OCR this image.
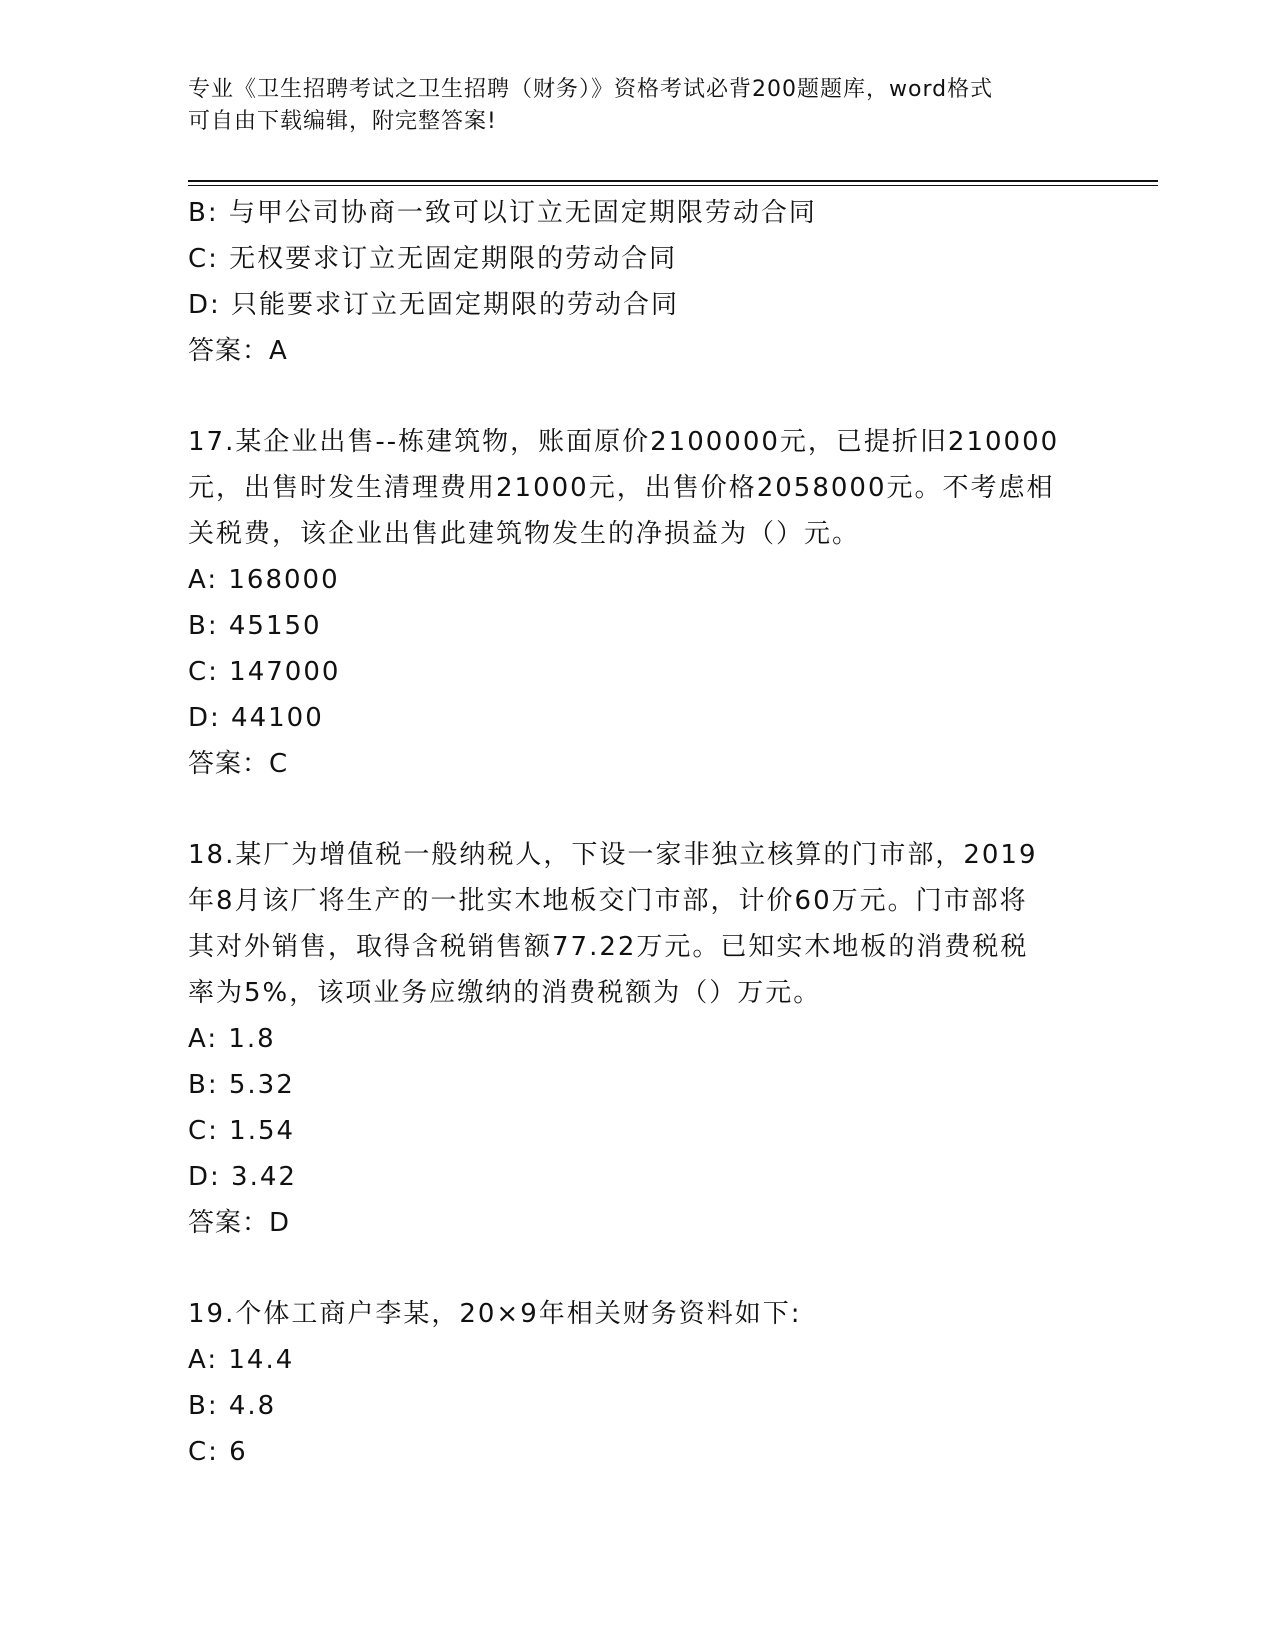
专业《卫生招聘考试之卫生招聘（财务）》资格考试必背200题题库，word格式
可自由下载编辑，附完整答案!
B: 与甲公司协商一致可以订立无固定期限劳动合同
C: 无权要求订立无固定期限的劳动合同
D: 只能要求订立无固定期限的劳动合同
答案：A
17.某企业出售--栋建筑物，账面原价2100000元，已提折旧210000
元，出售时发生清理费用21000元，出售价格2058000元。不考虑相
关税费，该企业出售此建筑物发生的净损益为（）元。
A: 168000
B: 45150
C: 147000
D: 44100
答案：C
18.某厂为增值税一般纳税人，下设一家非独立核算的门市部，2019
年8月该厂将生产的一批实木地板交门市部，计价60万元。门市部将
其对外销售，取得含税销售额77.22万元。已知实木地板的消费税税
率为5%，该项业务应缴纳的消费税额为（）万元。
A: 1.8
B: 5.32
C: 1.54
D: 3.42
答案：D
19.个体工商户李某，20×9年相关财务资料如下:
A: 14.4
B: 4.8
C: 6
